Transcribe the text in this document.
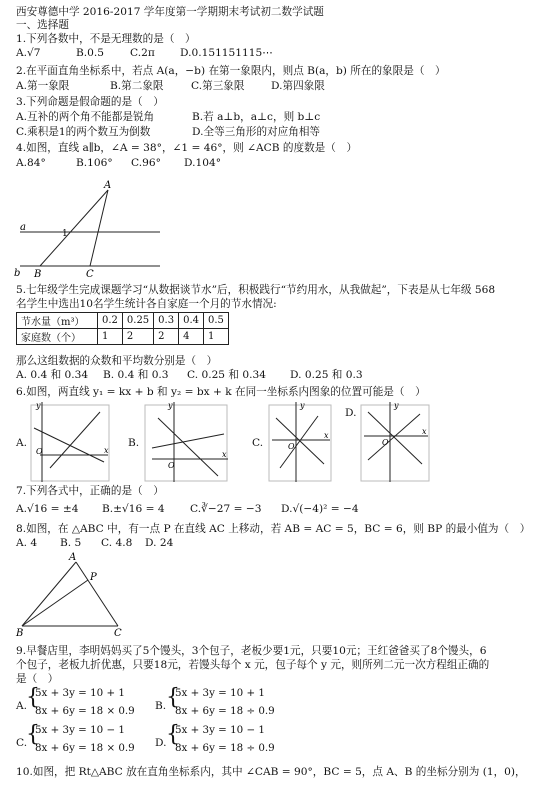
西安尊德中学 2016-2017 学年度第一学期期末考试初二数学试题
一、选择题
1.下列各数中，不是无理数的是（　）
A.√7	B.0.5 C.2π D.0.151151115⋯
2.在平面直角坐标系中，若点 A(a，−b) 在第一象限内，则点 B(a，b) 所在的象限是（　）
A.第一象限	B.第二象限	C.第三象限	D.第四象限
3.下列命题是假命题的是（　）
A.互补的两个角不能都是锐角	B.若 a⊥b，a⊥c，则 b⊥c
C.乘积是1的两个数互为倒数	D.全等三角形的对应角相等
4.如图，直线 a∥b，∠A = 38°，∠1 = 46°，则 ∠ACB 的度数是（　）
A.84°	B.106° C.96° D.104°
A
a
1
b B	C
5.七年级学生完成课题学习“从数据谈节水”后，积极践行“节约用水，从我做起”，下表是从七年级 568
名学生中选出10名学生统计各自家庭一个月的节水情况:
节水量（m³）	0.2	0.25	0.3	0.4	0.5
家庭数（个）	1	2	2	4	1
那么这组数据的众数和平均数分别是（　）
A. 0.4 和 0.34 B. 0.4 和 0.3 C. 0.25 和 0.34 D. 0.25 和 0.3
6.如图，两直线 y₁ = kx + b 和 y₂ = bx + k 在同一坐标系内图象的位置可能是（　）
A.
y
x
O
B.
y
x
O
C.
y
x
O
D.
y
x
O
7.下列各式中，正确的是（　）
A.√16 = ±4 B.±√16 = 4 C.∛−27 = −3 D.√(−4)² = −4
8.如图，在 △ABC 中，有一点 P 在直线 AC 上移动，若 AB = AC = 5，BC = 6，则 BP 的最小值为（　）
A. 4 B. 5 C. 4.8 D. 24
A
P
B	C
9.早餐店里，李明妈妈买了5个馒头，3个包子，老板少要1元，只要10元；王红爸爸买了8个馒头，6
个包子，老板九折优惠，只要18元，若馒头每个 x 元，包子每个 y 元，则所列二元一次方程组正确的
是（　）
A.
{
5x + 3y = 10 + 1
8x + 6y = 18 × 0.9 B. {
5x + 3y = 10 + 1
8x + 6y = 18 ÷ 0.9
C.
{
5x + 3y = 10 − 1
8x + 6y = 18 × 0.9 D. {
5x + 3y = 10 − 1
8x + 6y = 18 ÷ 0.9
10.如图，把 Rt△ABC 放在直角坐标系内，其中 ∠CAB = 90°，BC = 5，点 A、B 的坐标分别为 (1，0)，
